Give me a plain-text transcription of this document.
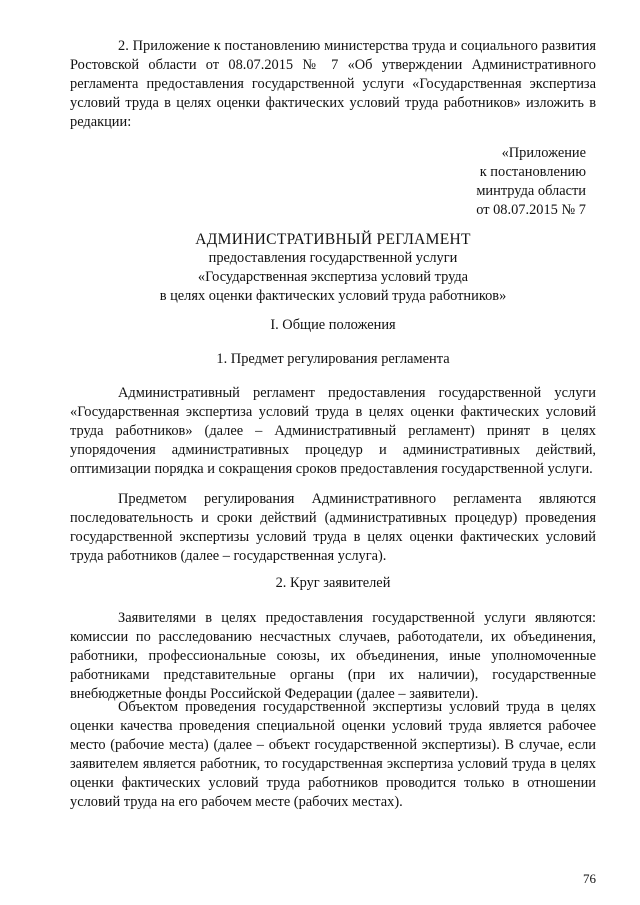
2. Приложение к постановлению министерства труда и социального развития Ростовской области от 08.07.2015 № 7 «Об утверждении Административного регламента предоставления государственной услуги «Государственная экспертиза условий труда в целях оценки фактических условий труда работников» изложить в редакции:

«Приложение
к постановлению
минтруда области
от 08.07.2015 № 7
АДМИНИСТРАТИВНЫЙ РЕГЛАМЕНТ
предоставления государственной услуги
«Государственная экспертиза условий труда
в целях оценки фактических условий труда работников»
I. Общие положения
1. Предмет регулирования регламента

Административный регламент предоставления государственной услуги «Государственная экспертиза условий труда в целях оценки фактических условий труда работников» (далее – Административный регламент) принят в целях упорядочения административных процедур и административных действий, оптимизации порядка и сокращения сроков предоставления государственной услуги.

Предметом регулирования Административного регламента являются последовательность и сроки действий (административных процедур) проведения государственной экспертизы условий труда в целях оценки фактических условий труда работников (далее – государственная услуга).

2. Круг заявителей

Заявителями в целях предоставления государственной услуги являются: комиссии по расследованию несчастных случаев, работодатели, их объединения, работники, профессиональные союзы, их объединения, иные уполномоченные работниками представительные органы (при их наличии), государственные внебюджетные фонды Российской Федерации (далее – заявители).

Объектом проведения государственной экспертизы условий труда в целях оценки качества проведения специальной оценки условий труда является рабочее место (рабочие места) (далее – объект государственной экспертизы). В случае, если заявителем является работник, то государственная экспертиза условий труда в целях оценки фактических условий труда работников проводится только в отношении условий труда на его рабочем месте (рабочих местах).

76
